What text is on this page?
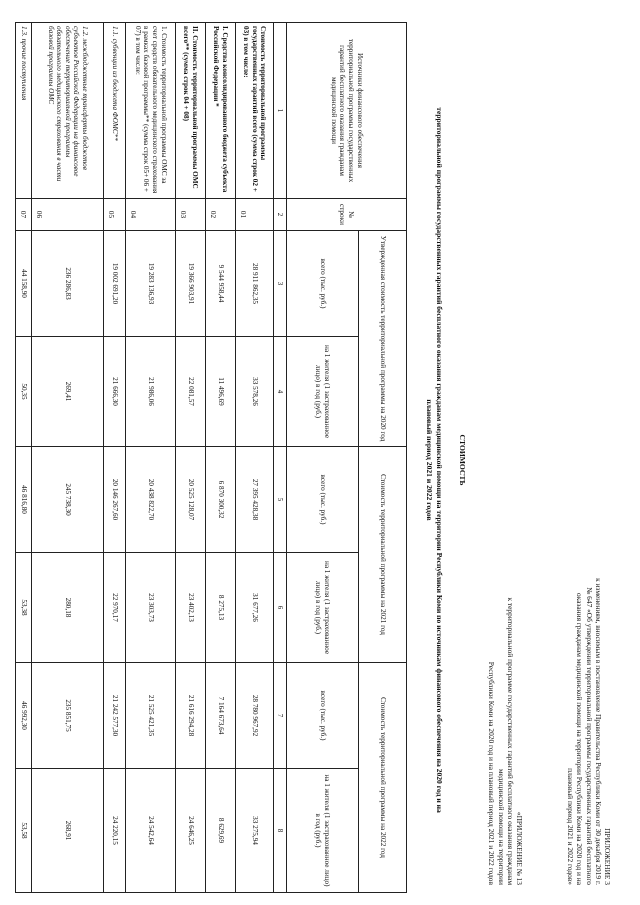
ПРИЛОЖЕНИЕ 3
к изменениям, вносимым в постановление Правительства Республики Коми от 30 декабря 2019 г.
№ 647 «Об утверждении территориальной программы государственных гарантий бесплатного
оказания гражданам медицинской помощи на территории Республики Коми на 2020 год и на
плановый период 2021 и 2022 годов»
«ПРИЛОЖЕНИЕ № 13
к территориальной программе государственных гарантий бесплатного оказания гражданам
медицинской помощи на территории
Республики Коми на 2020 год и на плановый период 2021 и 2022 годов
СТОИМОСТЬ
территориальной программы государственных гарантий бесплатного оказания гражданам медицинской помощи на территории Республики Коми по источникам финансового обеспечения на 2020 год и на
плановый период 2021 и 2022 годов
Источники финансового обеспечения территориальной программы государственных гарантий бесплатного оказания гражданам медицинской помощи	№ строки	Утвержденная стоимость территориальной программы на 2020 год		Стоимость территориальной программы на 2021 год		Стоимость территориальной программы на 2022 год	
		всего (тыс. руб.)	на 1 жителя (1 застрахованное лицо) в год (руб.)	всего (тыс. руб.)	на 1 жителя (1 застрахованное лицо) в год (руб.)	всего (тыс. руб.)	на 1 жителя (1 застрахованное лицо) в год (руб.)
1	2	3	4	5	6	7	8
Стоимость территориальной программы государственных гарантий всего (сумма строк 02 + 03) в том числе:	01	28 911 862,35	33 578,26	27 395 428,38	31 677,26	28 780 967,92	33 275,94
I. Средства консолидированного бюджета субъекта Российской Федерации *	02	9 544 958,44	11 496,69	6 870 300,32	8 275,13	7 164 673,64	8 629,69
II. Стоимость территориальной программы ОМС всего** (сумма строк 04 + 08)	03	19 366 903,91	22 081,57	20 525 128,07	23 402,13	21 616 294,28	24 646,25
1. Стоимость территориальной программы ОМС за счет средств обязательного медицинского страхования в рамках базовой программы** (сумма строк 05+ 06 + 07) в том числе:	04	19 283 136,93	21 986,06	20 438 822,70	23 303,73	21 525 421,35	24 542,64
1.1. субвенции из бюджета ФОМС**	05	19 002 691,20	21 666,30	20 146 267,60	22 970,17	21 242 577,30	24 220,15
1.2. межбюджетные трансферты бюджетов субъектов Российской Федерации на финансовое обеспечение территориальной программы обязательного медицинского страхования в части базовой программы ОМС	06	236 286,83	269,41	245 738,30	280,18	235 851,75	268,91
1.3. прочие поступления	07	44 158,90	50,35	46 816,80	53,38	46 992,30	53,58
